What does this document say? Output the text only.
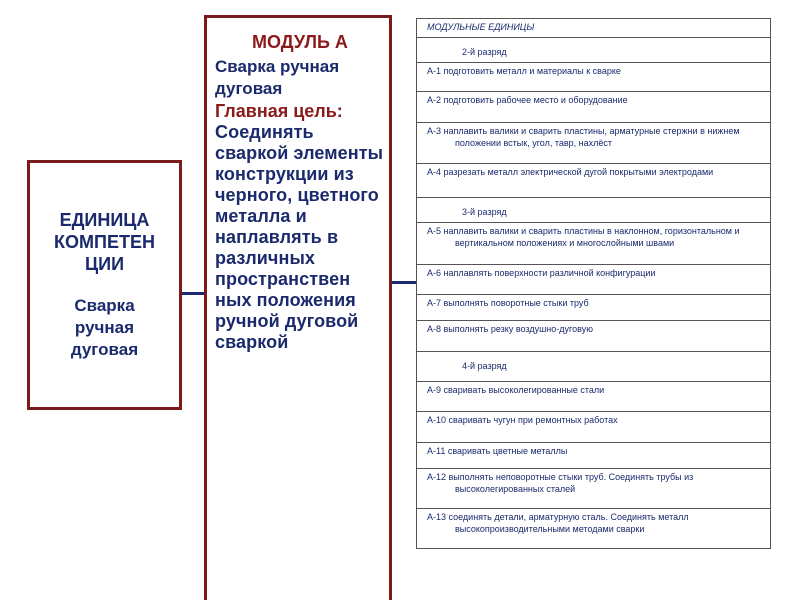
ЕДИНИЦА
КОМПЕТЕН
ЦИИ
Сварка
ручная
дуговая
МОДУЛЬ А
Сварка ручная дуговая
Главная цель:
Соединять сваркой элементы конструкции из черного, цветного металла и наплавлять в различных пространствен ных положения ручной дуговой сваркой
МОДУЛЬНЫЕ ЕДИНИЦЫ
2-й разряд
А-1 подготовить металл и материалы к сварке
А-2 подготовить рабочее место и оборудование
А-3 наплавить валики и сварить пластины, арматурные стержни в нижнем положении встык, угол, тавр, нахлёст
А-4 разрезать металл электрической дугой покрытыми электродами
3-й разряд
А-5 наплавить валики и сварить пластины в наклонном, горизонтальном и вертикальном положениях и многослойными швами
А-6 наплавлять поверхности различной конфигурации
А-7 выполнять поворотные стыки труб
А-8 выполнять резку воздушно-дуговую
4-й разряд
А-9 сваривать высоколегированные стали
А-10 сваривать чугун при ремонтных работах
А-11 сваривать цветные металлы
А-12 выполнять неповоротные стыки труб. Соединять трубы из высоколегированных сталей
А-13 соединять детали, арматурную сталь. Соединять металл высокопроизводительными методами сварки
